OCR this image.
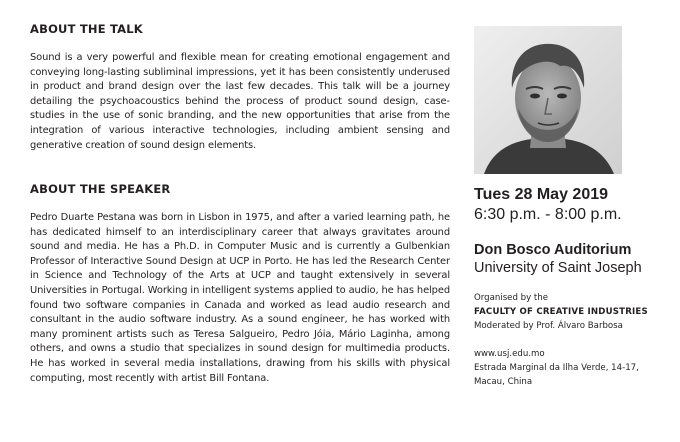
ABOUT THE TALK

Sound is a very powerful and flexible mean for creating emotional engagement and conveying long-lasting subliminal impressions, yet it has been consistently underused in product and brand design over the last few decades. This talk will be a journey detailing the psychoacoustics behind the process of product sound design, case-studies in the use of sonic branding, and the new opportunities that arise from the integration of various interactive technologies, including ambient sensing and generative creation of sound design elements.

ABOUT THE SPEAKER

Pedro Duarte Pestana was born in Lisbon in 1975, and after a varied learning path, he has dedicated himself to an interdisciplinary career that always gravitates around sound and media. He has a Ph.D. in Computer Music and is currently a Gulbenkian Professor of Interactive Sound Design at UCP in Porto. He has led the Research Center in Science and Technology of the Arts at UCP and taught extensively in several Universities in Portugal. Working in intelligent systems applied to audio, he has helped found two software companies in Canada and worked as lead audio research and consultant in the audio software industry. As a sound engineer, he has worked with many prominent artists such as Teresa Salgueiro, Pedro Jóia, Mário Laginha, among others, and owns a studio that specializes in sound design for multimedia products. He has worked in several media installations, drawing from his skills with physical computing, most recently with artist Bill Fontana.

Tues 28 May 2019

6:30 p.m. - 8:00 p.m.

Don Bosco Auditorium

University of Saint Joseph

Organised by the

FACULTY OF CREATIVE INDUSTRIES

Moderated by Prof. Álvaro Barbosa

www.usj.edu.mo

Estrada Marginal da Ilha Verde, 14-17,

Macau, China
